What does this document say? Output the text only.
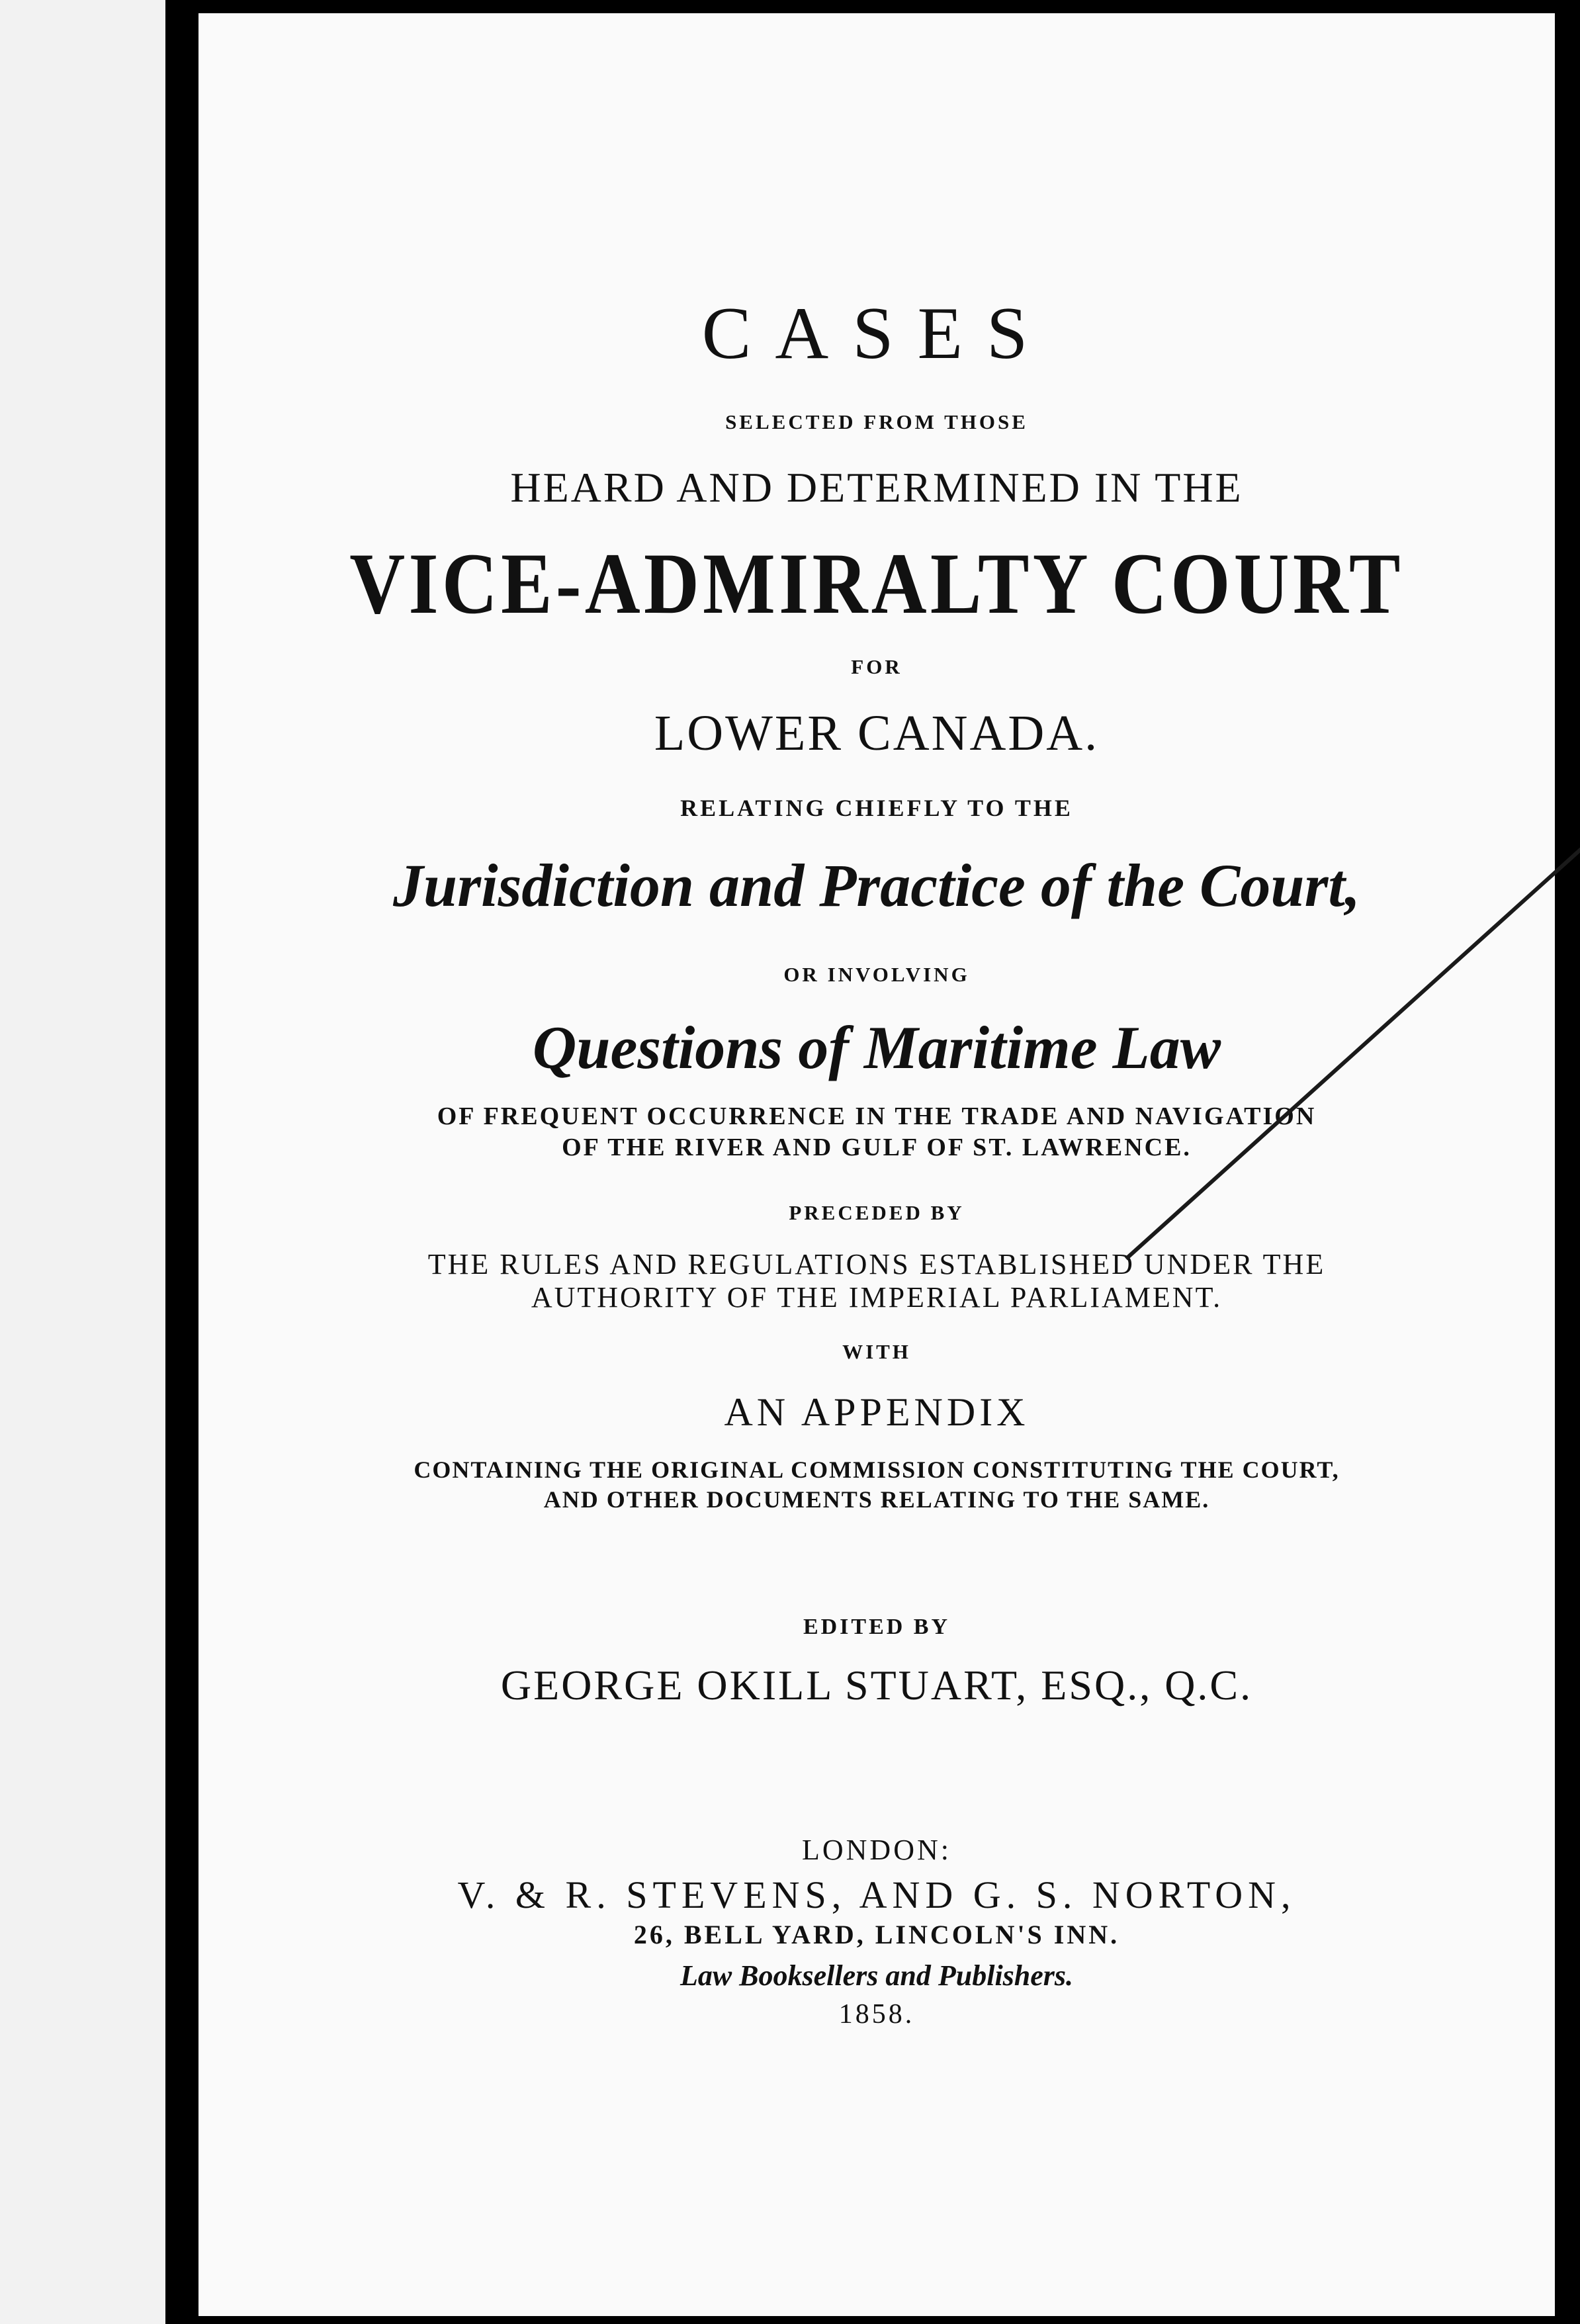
CASES
SELECTED FROM THOSE
HEARD AND DETERMINED IN THE
VICE-ADMIRALTY COURT
FOR
LOWER CANADA.
RELATING CHIEFLY TO THE
Jurisdiction and Practice of the Court,
OR INVOLVING
Questions of Maritime Law
OF FREQUENT OCCURRENCE IN THE TRADE AND NAVIGATION
OF THE RIVER AND GULF OF ST. LAWRENCE.
PRECEDED BY
THE RULES AND REGULATIONS ESTABLISHED UNDER THE
AUTHORITY OF THE IMPERIAL PARLIAMENT.
WITH
AN APPENDIX
CONTAINING THE ORIGINAL COMMISSION CONSTITUTING THE COURT,
AND OTHER DOCUMENTS RELATING TO THE SAME.
EDITED BY
GEORGE OKILL STUART, ESQ., Q.C.
LONDON:
V. & R. STEVENS, AND G. S. NORTON,
26, BELL YARD, LINCOLN'S INN.
Law Booksellers and Publishers.
1858.
